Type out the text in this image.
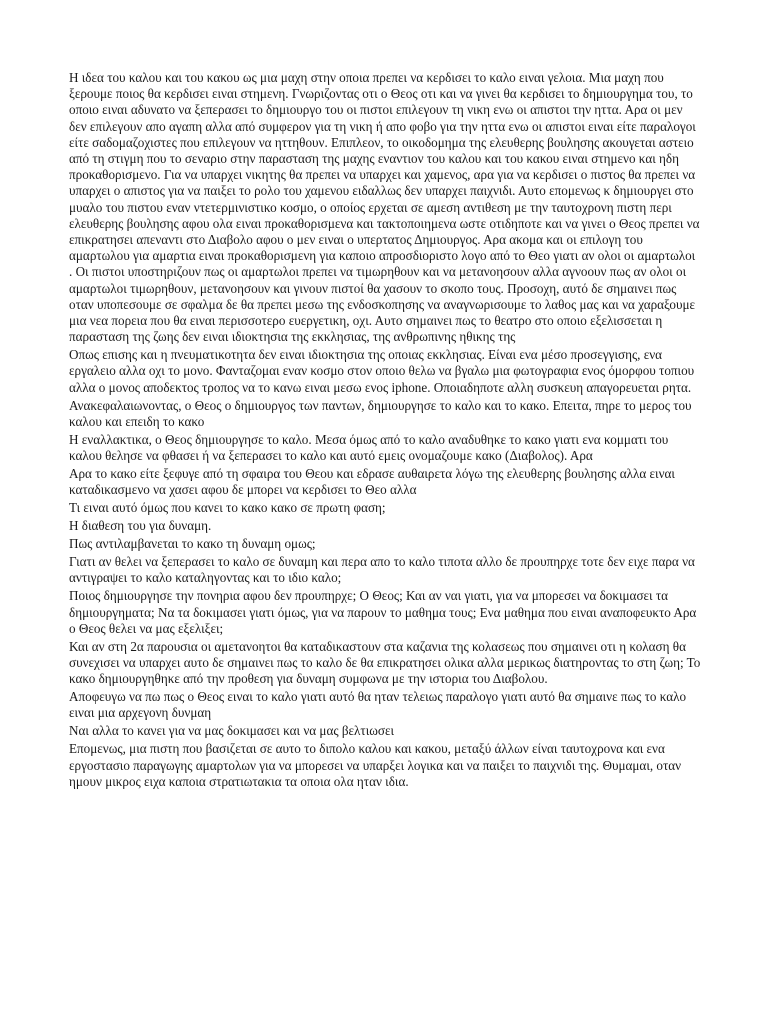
Η ιδεα του καλου και του κακου ως μια μαχη στην οποια πρεπει να κερδισει το καλο ειναι γελοια. Μια μαχη που ξερουμε ποιος θα κερδισει ειναι στημενη. Γνωριζοντας οτι ο Θεος οτι και να γινει θα κερδισει το δημιουργημα του, το οποιο ειναι αδυνατο να ξεπερασει το δημιουργο του οι πιστοι επιλεγουν τη νικη ενω οι απιστοι την ηττα. Αρα οι μεν δεν επιλεγουν απο αγαπη αλλα από συμφερον για τη νικη ή απο φοβο για την ηττα ενω οι απιστοι ειναι είτε παραλογοι είτε σαδομαζοχιστες που επιλεγουν να ηττηθουν. Επιπλεον, το οικοδομημα της ελευθερης βουλησης ακουγεται αστειο από τη στιγμη που το σεναριο στην παρασταση της μαχης εναντιον του καλου και του κακου ειναι στημενο και ηδη προκαθορισμενο. Για να υπαρχει νικητης θα πρεπει να υπαρχει και χαμενος, αρα για να κερδισει ο πιστος θα πρεπει να υπαρχει ο απιστος για να παιξει το ρολο του χαμενου ειδαλλως δεν υπαρχει παιχνιδι. Αυτο επομενως κ δημιουργει στο μυαλο του πιστου εναν ντετερμινιστικο κοσμο, ο οποίος ερχεται σε αμεση αντιθεση με την ταυτοχρονη πιστη περι ελευθερης βουλησης αφου ολα ειναι προκαθορισμενα και τακτοποιημενα ωστε οτιδηποτε και να γινει ο Θεος πρεπει να επικρατησει απεναντι στο Διαβολο αφου ο μεν ειναι ο υπερτατος Δημιουργος. Αρα ακομα και οι επιλογη του αμαρτωλου για αμαρτια ειναι προκαθορισμενη για καποιο απροσδιοριστο λογο από το Θεο γιατι αν ολοι οι αμαρτωλοι . Οι πιστοι υποστηριζουν πως οι αμαρτωλοι πρεπει να τιμωρηθουν και να μετανοησουν αλλα αγνοουν πως αν ολοι οι αμαρτωλοι τιμωρηθουν, μετανοησουν και γινουν πιστοί θα χασουν το σκοπο τους. Προσοχη, αυτό δε σημαινει πως οταν υποπεσουμε σε σφαλμα δε θα πρεπει μεσω της ενδοσκοπησης να αναγνωρισουμε το λαθος μας και να χαραξουμε μια νεα πορεια που θα ειναι περισσοτερο ευεργετικη, οχι. Αυτο σημαινει πως το θεατρο στο οποιο εξελισσεται η παρασταση της ζωης δεν ειναι ιδιοκτησια της εκκλησιας, της ανθρωπινης ηθικης της

Οπως επισης και η πνευματικοτητα δεν ειναι ιδιοκτησια της οποιας εκκλησιας. Είναι ενα μέσο προσεγγισης, ενα εργαλειο αλλα οχι το μονο. Φανταζομαι εναν κοσμο στον οποιο θελω να βγαλω μια φωτογραφια ενος όμορφου τοπιου αλλα ο μονος αποδεκτος τροπος να το κανω ειναι μεσω ενος iphone. Οποιαδηποτε αλλη συσκευη απαγορευεται ρητα.

Ανακεφαλαιωνοντας, ο Θεος ο δημιουργος των παντων, δημιουργησε το καλο και το κακο. Επειτα, πηρε το μερος του καλου και επειδη το κακο

Η εναλλακτικα, ο Θεος δημιουργησε το καλο. Μεσα όμως από το καλο αναδυθηκε το κακο γιατι ενα κομματι του καλου θελησε να φθασει ή να ξεπερασει το καλο και αυτό εμεις ονομαζουμε κακο (Διαβολος). Αρα

Αρα το κακο είτε ξεφυγε από τη σφαιρα του Θεου και εδρασε αυθαιρετα λόγω της ελευθερης βουλησης αλλα ειναι καταδικασμενο να χασει αφου δε μπορει να κερδισει το Θεο αλλα

Τι ειναι αυτό όμως που κανει το κακο κακο σε πρωτη φαση;

Η διαθεση του για δυναμη.

Πως αντιλαμβανεται το κακο τη δυναμη ομως;

Γιατι αν θελει να ξεπερασει το καλο σε δυναμη και περα απο το καλο τιποτα αλλο δε προυπηρχε τοτε δεν ειχε παρα να αντιγραψει το καλο καταληγοντας και το ιδιο καλο;

Ποιος δημιουργησε την πονηρια αφου δεν προυπηρχε; Ο Θεος; Και αν ναι γιατι, για να μπορεσει να δοκιμασει τα δημιουργηματα; Να τα δοκιμασει γιατι όμως, για να παρουν το μαθημα τους; Ενα μαθημα που ειναι αναποφευκτο Αρα ο Θεος θελει να μας εξελιξει;

Και αν στη 2α παρουσια οι αμετανοητοι θα καταδικαστουν στα καζανια της κολασεως που σημαινει οτι η κολαση θα συνεχισει να υπαρχει αυτο δε σημαινει πως το καλο δε θα επικρατησει ολικα αλλα μερικως διατηροντας το στη ζωη; Το κακο δημιουργηθηκε από την προθεση για δυναμη συμφωνα με την ιστορια του Διαβολου.

Αποφευγω να πω πως ο Θεος ειναι το καλο γιατι αυτό θα ηταν τελειως παραλογο γιατι αυτό θα σημαινε πως το καλο ειναι μια αρχεγονη δυνμαη

Ναι αλλα το κανει για να μας δοκιμασει και να μας βελτιωσει

Επομενως, μια πιστη που βασιζεται σε αυτο το διπολο καλου και κακου, μεταξύ άλλων είναι ταυτοχρονα και ενα εργοστασιο παραγωγης αμαρτολων για να μπορεσει να υπαρξει λογικα και να παιξει το παιχνιδι της. Θυμαμαι, οταν ημουν μικρος ειχα καποια στρατιωτακια τα οποια ολα ηταν ιδια.
